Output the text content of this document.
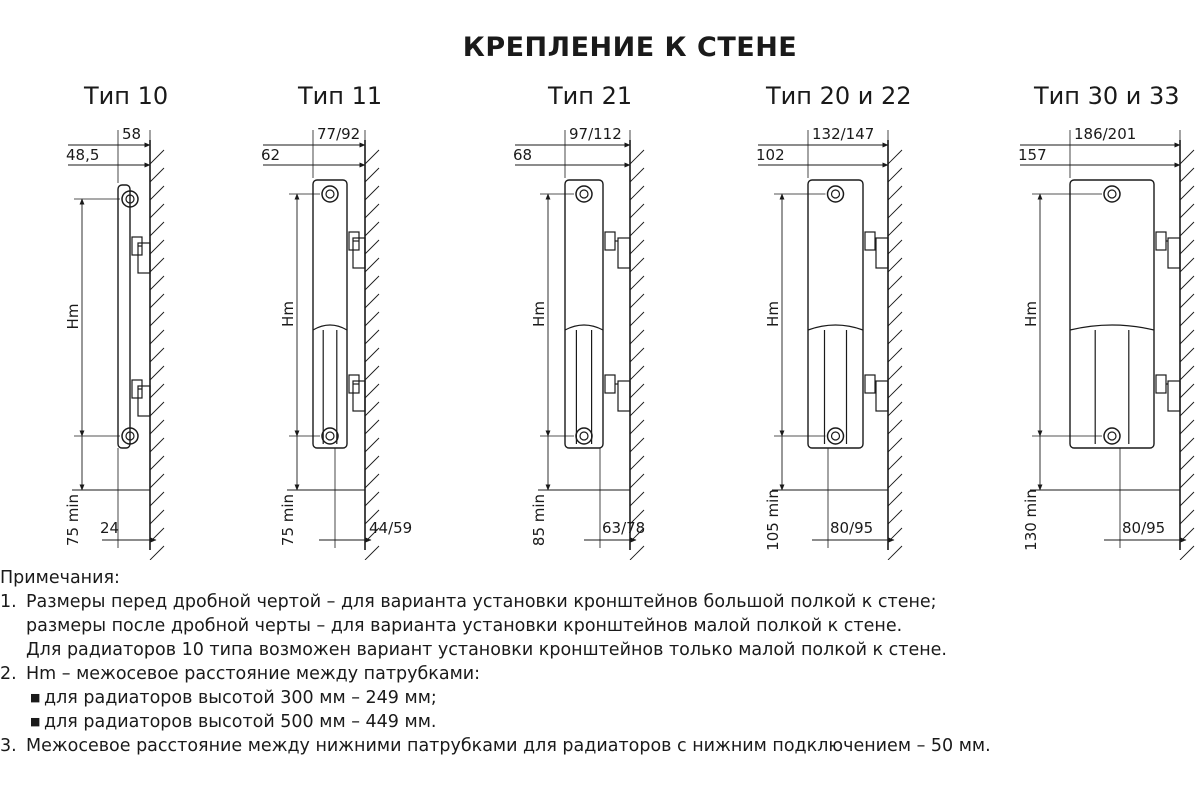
КРЕПЛЕНИЕ К СТЕНЕ
Тип 10	Тип 11	Тип 21	Тип 20 и 22	Тип 30 и 33
58
48,5
Hm
75 min 24
77/92
62
Hm
75 min	44/59
97/112
68
Hm
85 min	63/78
132/147
102
Hm
105 min	80/95
186/201
157
Hm
130 min	80/95
Примечания:
1. Размеры перед дробной чертой – для варианта установки кронштейнов большой полкой к стене;
размеры после дробной черты – для варианта установки кронштейнов малой полкой к стене.
Для радиаторов 10 типа возможен вариант установки кронштейнов только малой полкой к стене.
2. Hm – межосевое расстояние между патрубками:
■ для радиаторов высотой 300 мм – 249 мм;
■ для радиаторов высотой 500 мм – 449 мм.
3. Межосевое расстояние между нижними патрубками для радиаторов с нижним подключением – 50 мм.
